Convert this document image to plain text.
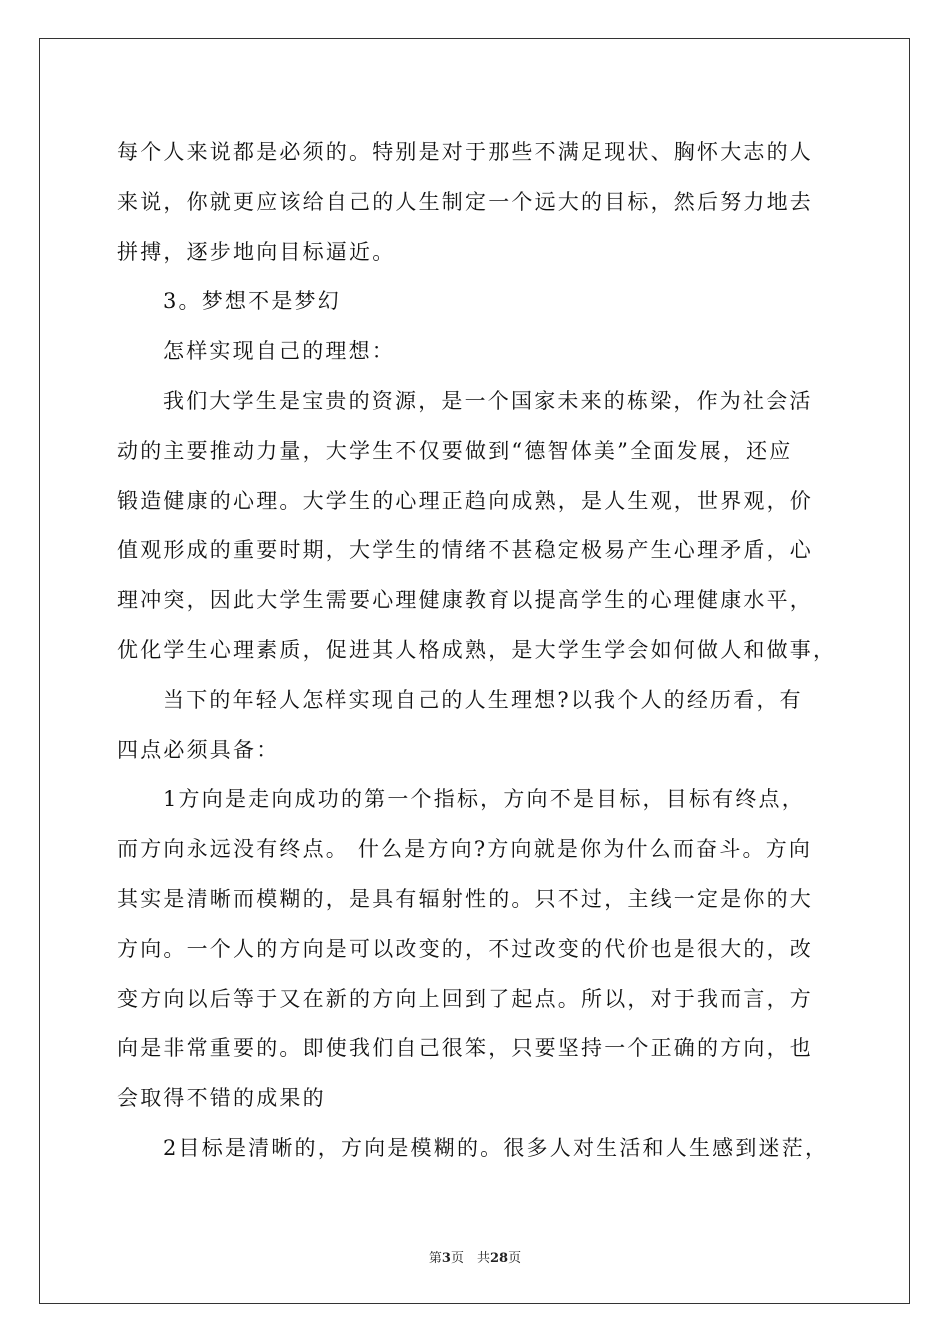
每个人来说都是必须的。特别是对于那些不满足现状、胸怀大志的人
来说，你就更应该给自己的人生制定一个远大的目标，然后努力地去
拼搏，逐步地向目标逼近。
3。梦想不是梦幻
怎样实现自己的理想：
我们大学生是宝贵的资源，是一个国家未来的栋梁，作为社会活
动的主要推动力量，大学生不仅要做到“德智体美”全面发展，还应
锻造健康的心理。大学生的心理正趋向成熟，是人生观，世界观，价
值观形成的重要时期，大学生的情绪不甚稳定极易产生心理矛盾，心
理冲突，因此大学生需要心理健康教育以提高学生的心理健康水平，
优化学生心理素质，促进其人格成熟，是大学生学会如何做人和做事，
当下的年轻人怎样实现自己的人生理想?以我个人的经历看，有
四点必须具备：
1方向是走向成功的第一个指标，方向不是目标，目标有终点，
而方向永远没有终点。 什么是方向?方向就是你为什么而奋斗。方向
其实是清晰而模糊的，是具有辐射性的。只不过，主线一定是你的大
方向。一个人的方向是可以改变的，不过改变的代价也是很大的，改
变方向以后等于又在新的方向上回到了起点。所以，对于我而言，方
向是非常重要的。即使我们自己很笨，只要坚持一个正确的方向，也
会取得不错的成果的
2目标是清晰的，方向是模糊的。很多人对生活和人生感到迷茫，
第3页　共28页
